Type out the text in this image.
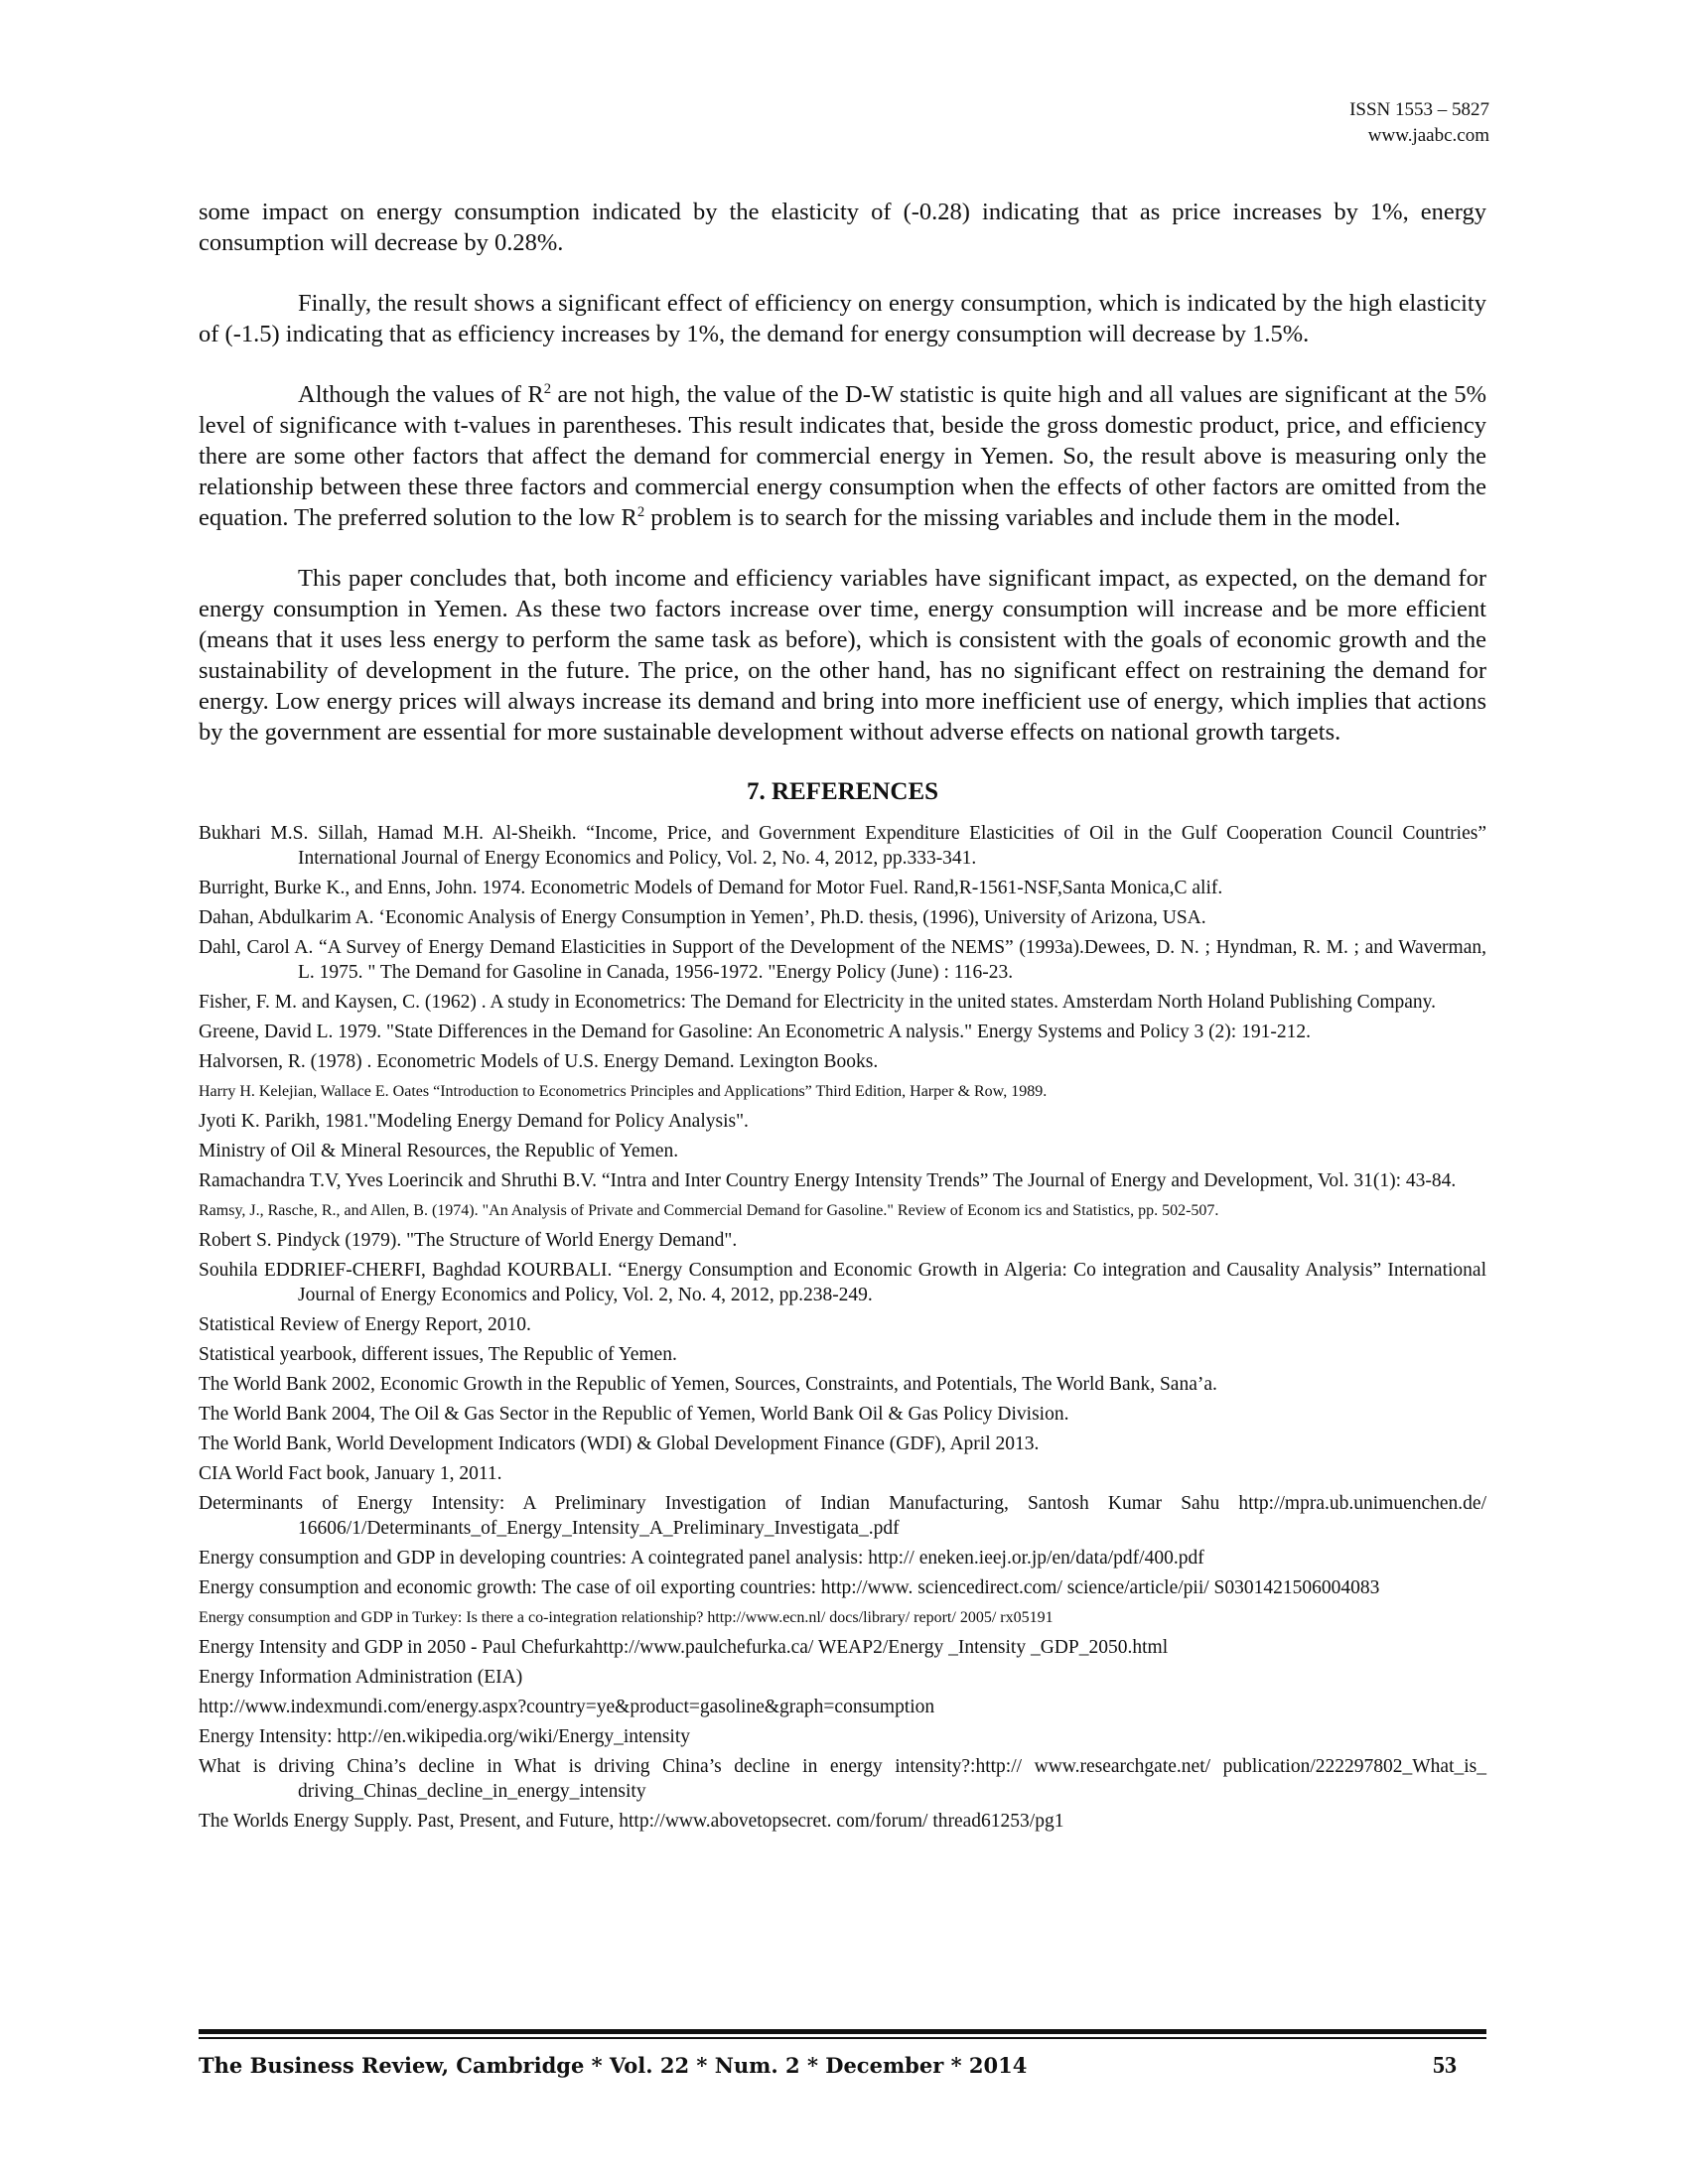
ISSN 1553 – 5827
www.jaabc.com

some impact on energy consumption indicated by the elasticity of (-0.28) indicating that as price increases by 1%, energy consumption will decrease by 0.28%.

Finally, the result shows a significant effect of efficiency on energy consumption, which is indicated by the high elasticity of (-1.5) indicating that as efficiency increases by 1%, the demand for energy consumption will decrease by 1.5%.

Although the values of $R^2$ are not high, the value of the D-W statistic is quite high and all values are significant at the 5% level of significance with t-values in parentheses. This result indicates that, beside the gross domestic product, price, and efficiency there are some other factors that affect the demand for commercial energy in Yemen. So, the result above is measuring only the relationship between these three factors and commercial energy consumption when the effects of other factors are omitted from the equation. The preferred solution to the low $R^2$ problem is to search for the missing variables and include them in the model.

This paper concludes that, both income and efficiency variables have significant impact, as expected, on the demand for energy consumption in Yemen. As these two factors increase over time, energy consumption will increase and be more efficient (means that it uses less energy to perform the same task as before), which is consistent with the goals of economic growth and the sustainability of development in the future. The price, on the other hand, has no significant effect on restraining the demand for energy. Low energy prices will always increase its demand and bring into more inefficient use of energy, which implies that actions by the government are essential for more sustainable development without adverse effects on national growth targets.

7. REFERENCES
Bukhari M.S. Sillah, Hamad M.H. Al-Sheikh. “Income, Price, and Government Expenditure Elasticities of Oil in the Gulf Cooperation Council Countries” International Journal of Energy Economics and Policy, Vol. 2, No. 4, 2012, pp.333-341.
Burright, Burke K., and Enns, John. 1974. Econometric Models of Demand for Motor Fuel. Rand,R-1561-NSF,Santa Monica,C alif.
Dahan, Abdulkarim A. ‘Economic Analysis of Energy Consumption in Yemen’, Ph.D. thesis, (1996), University of Arizona, USA.
Dahl, Carol A. “A Survey of Energy Demand Elasticities in Support of the Development of the NEMS” (1993a).Dewees, D. N. ; Hyndman, R. M. ; and Waverman, L. 1975. " The Demand for Gasoline in Canada, 1956-1972. "Energy Policy (June) : 116-23.
Fisher, F. M. and Kaysen, C. (1962) . A study in Econometrics: The Demand for Electricity in the united states. Amsterdam North Holand Publishing Company.
Greene, David L. 1979. "State Differences in the Demand for Gasoline: An Econometric A nalysis." Energy Systems and Policy 3 (2): 191-212.
Halvorsen, R. (1978) . Econometric Models of U.S. Energy Demand. Lexington Books.
Harry H. Kelejian, Wallace E. Oates “Introduction to Econometrics Principles and Applications” Third Edition, Harper & Row, 1989.
Jyoti K. Parikh, 1981."Modeling Energy Demand for Policy Analysis".
Ministry of Oil & Mineral Resources, the Republic of Yemen.
Ramachandra T.V, Yves Loerincik and Shruthi B.V. “Intra and Inter Country Energy Intensity Trends” The Journal of Energy and Development, Vol. 31(1): 43-84.
Ramsy, J., Rasche, R., and Allen, B. (1974). "An Analysis of Private and Commercial Demand for Gasoline." Review of Econom ics and Statistics, pp. 502-507.
Robert S. Pindyck (1979). "The Structure of World Energy Demand".
Souhila EDDRIEF-CHERFI, Baghdad KOURBALI. “Energy Consumption and Economic Growth in Algeria: Co integration and Causality Analysis” International Journal of Energy Economics and Policy, Vol. 2, No. 4, 2012, pp.238-249.
Statistical Review of Energy Report, 2010.
Statistical yearbook, different issues, The Republic of Yemen.
The World Bank 2002, Economic Growth in the Republic of Yemen, Sources, Constraints, and Potentials, The World Bank, Sana’a.
The World Bank 2004, The Oil & Gas Sector in the Republic of Yemen, World Bank Oil & Gas Policy Division.
The World Bank, World Development Indicators (WDI) & Global Development Finance (GDF), April 2013.
CIA World Fact book, January 1, 2011.
Determinants of Energy Intensity: A Preliminary Investigation of Indian Manufacturing, Santosh Kumar Sahu http://mpra.ub.unimuenchen.de/ 16606/1/Determinants_of_Energy_Intensity_A_Preliminary_Investigata_.pdf
Energy consumption and GDP in developing countries: A cointegrated panel analysis: http:// eneken.ieej.or.jp/en/data/pdf/400.pdf
Energy consumption and economic growth: The case of oil exporting countries: http://www. sciencedirect.com/ science/article/pii/ S0301421506004083
Energy consumption and GDP in Turkey: Is there a co-integration relationship? http://www.ecn.nl/ docs/library/ report/ 2005/ rx05191
Energy Intensity and GDP in 2050 - Paul Chefurkahttp://www.paulchefurka.ca/ WEAP2/Energy _Intensity _GDP_2050.html
Energy Information Administration (EIA)
http://www.indexmundi.com/energy.aspx?country=ye&product=gasoline&graph=consumption
Energy Intensity: http://en.wikipedia.org/wiki/Energy_intensity
What is driving China’s decline in What is driving China’s decline in energy intensity?:http:// www.researchgate.net/ publication/222297802_What_is_ driving_Chinas_decline_in_energy_intensity
The Worlds Energy Supply. Past, Present, and Future, http://www.abovetopsecret. com/forum/ thread61253/pg1
The Business Review, Cambridge * Vol. 22 * Num. 2 * December * 2014	53
